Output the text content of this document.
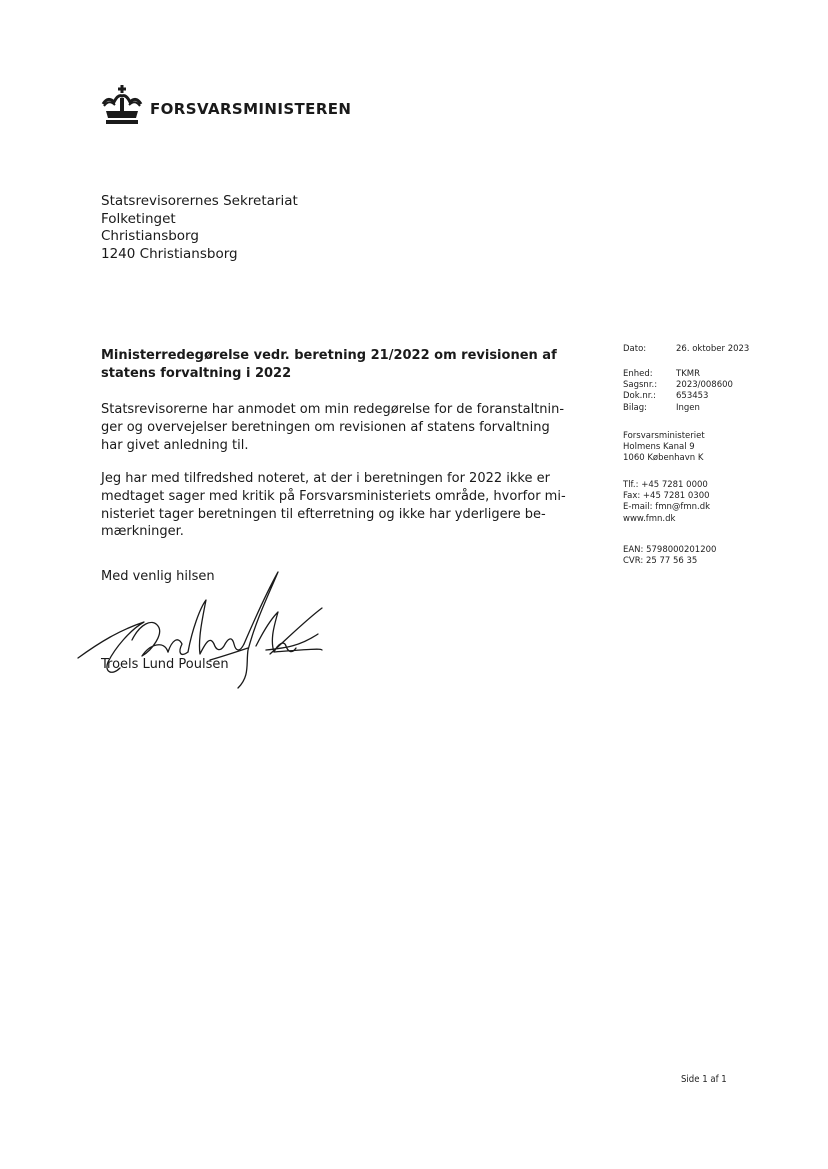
FORSVARSMINISTEREN
Statsrevisorernes Sekretariat
Folketinget
Christiansborg
1240 Christiansborg
Ministerredegørelse vedr. beretning 21/2022 om revisionen af
statens forvaltning i 2022
Statsrevisorerne har anmodet om min redegørelse for de foranstaltnin-
ger og overvejelser beretningen om revisionen af statens forvaltning
har givet anledning til.
Jeg har med tilfredshed noteret, at der i beretningen for 2022 ikke er
medtaget sager med kritik på Forsvarsministeriets område, hvorfor mi-
nisteriet tager beretningen til efterretning og ikke har yderligere be-
mærkninger.
Med venlig hilsen
Troels Lund Poulsen
Dato:	26. oktober 2023
Enhed:	TKMR
Sagsnr.:	2023/008600
Dok.nr.:	653453
Bilag:	Ingen
Forsvarsministeriet
Holmens Kanal 9
1060 København K
Tlf.: +45 7281 0000
Fax: +45 7281 0300
E-mail: fmn@fmn.dk
www.fmn.dk
EAN: 5798000201200
CVR: 25 77 56 35
Side 1 af 1
